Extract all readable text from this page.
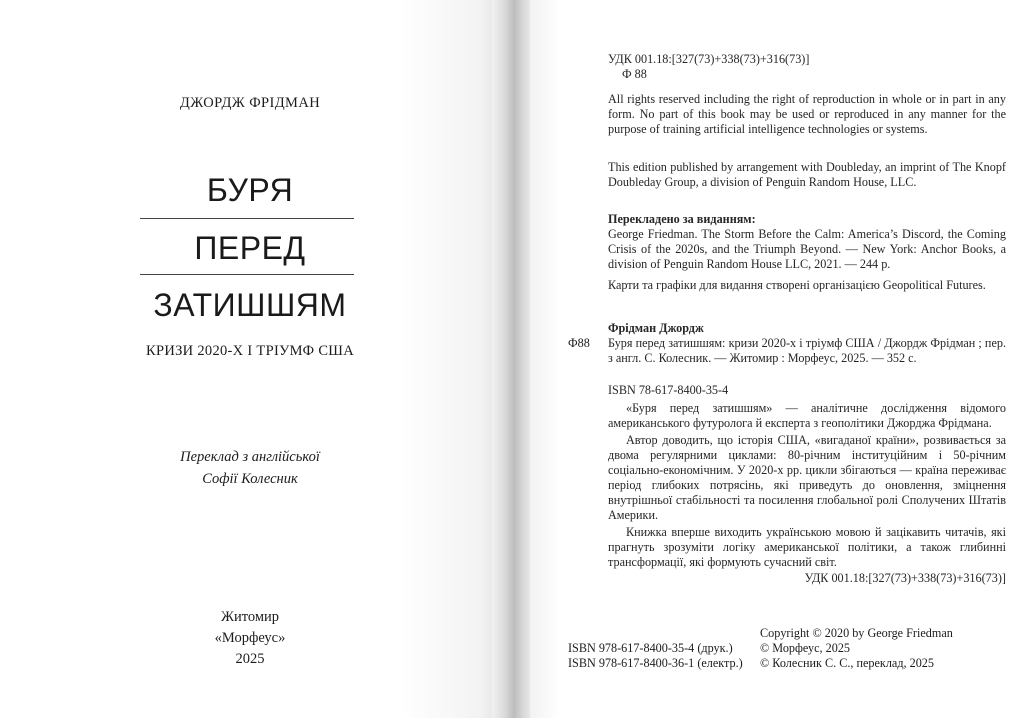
ДЖОРДЖ ФРІДМАН
БУРЯ
ПЕРЕД
ЗАТИШШЯМ
КРИЗИ 2020-Х І ТРІУМФ США
Переклад з англійської
Софії Колесник
Житомир
«Морфеус»
2025
УДК 001.18:[327(73)+338(73)+316(73)]
Ф 88
All rights reserved including the right of reproduction in whole or in part in any form. No part of this book may be used or reproduced in any manner for the purpose of training artificial intelligence technologies or systems.
This edition published by arrangement with Doubleday, an imprint of The Knopf Doubleday Group, a division of Penguin Random House, LLC.
Перекладено за виданням:
George Friedman. The Storm Before the Calm: America’s Discord, the Coming Crisis of the 2020s, and the Triumph Beyond. — New York: Anchor Books, a division of Penguin Random House LLC, 2021. — 244 p.
Карти та графіки для видання створені організацією Geopolitical Futures.
Фрідман Джордж
Ф88 Буря перед затишшям: кризи 2020-х і тріумф США / Джордж Фрідман ; пер. з англ. С. Колесник. — Житомир : Морфеус, 2025. — 352 с.
ISBN 78-617-8400-35-4

«Буря перед затишшям» — аналітичне дослідження відомого американського футуролога й експерта з геополітики Джорджа Фрідмана.

Автор доводить, що історія США, «вигаданої країни», розвивається за двома регулярними циклами: 80-річним інституційним і 50-річним соціально-економічним. У 2020-х рр. цикли збігаються — країна переживає період глибоких потрясінь, які приведуть до оновлення, зміцнення внутрішньої стабільності та посилення глобальної ролі Сполучених Штатів Америки.

Книжка вперше виходить українською мовою й зацікавить читачів, які прагнуть зрозуміти логіку американської політики, а також глибинні трансформації, які формують сучасний світ.

УДК 001.18:[327(73)+338(73)+316(73)]
Copyright © 2020 by George Friedman
ISBN 978-617-8400-35-4 (друк.)
ISBN 978-617-8400-36-1 (електр.)
© Морфеус, 2025
© Колесник С. С., переклад, 2025
